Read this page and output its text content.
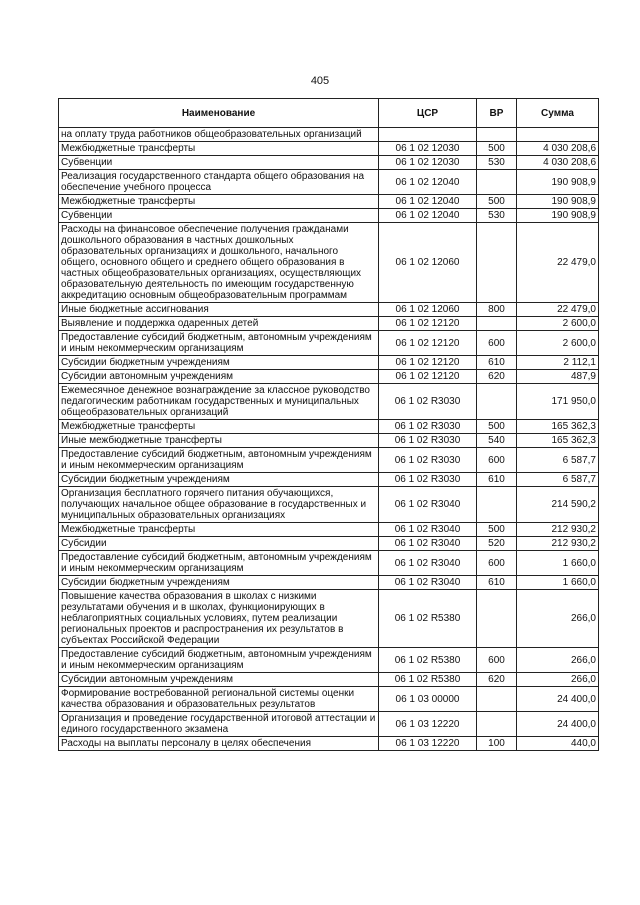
405
Наименование	ЦСР	ВР	Сумма
на оплату труда работников общеобразовательных организаций			
Межбюджетные трансферты	06 1 02 12030	500	4 030 208,6
Субвенции	06 1 02 12030	530	4 030 208,6
Реализация государственного стандарта общего образования на обеспечение учебного процесса	06 1 02 12040		190 908,9
Межбюджетные трансферты	06 1 02 12040	500	190 908,9
Субвенции	06 1 02 12040	530	190 908,9
Расходы на финансовое обеспечение получения гражданами дошкольного образования в частных дошкольных образовательных организациях и дошкольного, начального общего, основного общего и среднего общего образования в частных общеобразовательных организациях, осуществляющих образовательную деятельность по имеющим государственную аккредитацию основным общеобразовательным программам	06 1 02 12060		22 479,0
Иные бюджетные ассигнования	06 1 02 12060	800	22 479,0
Выявление и поддержка одаренных детей	06 1 02 12120		2 600,0
Предоставление субсидий бюджетным, автономным учреждениям и иным некоммерческим организациям	06 1 02 12120	600	2 600,0
Субсидии бюджетным учреждениям	06 1 02 12120	610	2 112,1
Субсидии автономным учреждениям	06 1 02 12120	620	487,9
Ежемесячное денежное вознаграждение за классное руководство педагогическим работникам государственных и муниципальных общеобразовательных организаций	06 1 02 R3030		171 950,0
Межбюджетные трансферты	06 1 02 R3030	500	165 362,3
Иные межбюджетные трансферты	06 1 02 R3030	540	165 362,3
Предоставление субсидий бюджетным, автономным учреждениям и иным некоммерческим организациям	06 1 02 R3030	600	6 587,7
Субсидии бюджетным учреждениям	06 1 02 R3030	610	6 587,7
Организация бесплатного горячего питания обучающихся, получающих начальное общее образование в государственных и муниципальных образовательных организациях	06 1 02 R3040		214 590,2
Межбюджетные трансферты	06 1 02 R3040	500	212 930,2
Субсидии	06 1 02 R3040	520	212 930,2
Предоставление субсидий бюджетным, автономным учреждениям и иным некоммерческим организациям	06 1 02 R3040	600	1 660,0
Субсидии бюджетным учреждениям	06 1 02 R3040	610	1 660,0
Повышение качества образования в школах с низкими результатами обучения и в школах, функционирующих в неблагоприятных социальных условиях, путем реализации региональных проектов и распространения их результатов в субъектах Российской Федерации	06 1 02 R5380		266,0
Предоставление субсидий бюджетным, автономным учреждениям и иным некоммерческим организациям	06 1 02 R5380	600	266,0
Субсидии автономным учреждениям	06 1 02 R5380	620	266,0
Формирование востребованной региональной системы оценки качества образования и образовательных результатов	06 1 03 00000		24 400,0
Организация и проведение государственной итоговой аттестации и единого государственного экзамена	06 1 03 12220		24 400,0
Расходы на выплаты персоналу в целях обеспечения	06 1 03 12220	100	440,0
